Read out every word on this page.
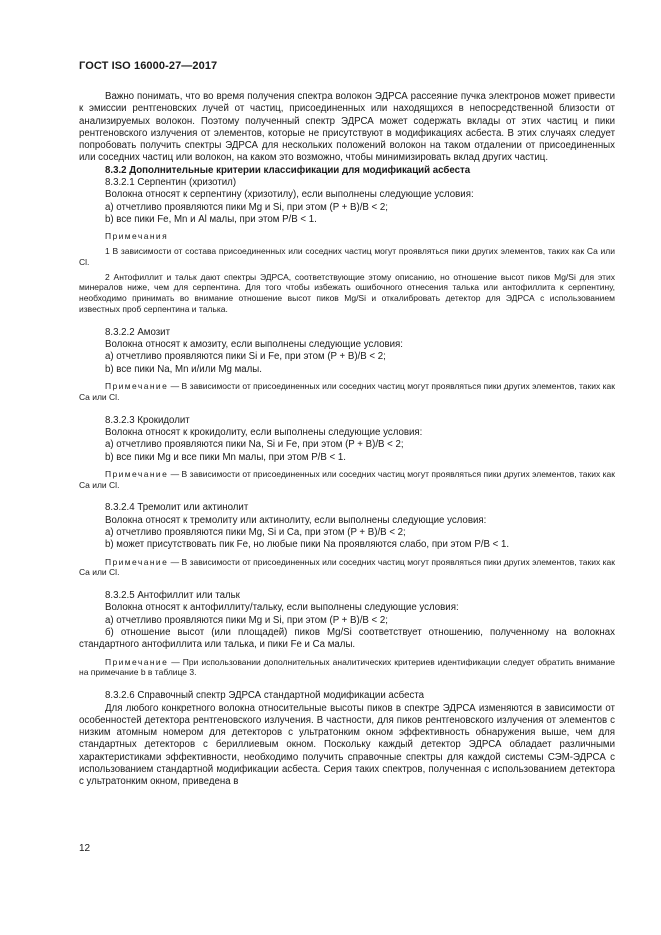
ГОСТ ISO 16000-27—2017

Важно понимать, что во время получения спектра волокон ЭДРСА рассеяние пучка электронов может привести к эмиссии рентгеновских лучей от частиц, присоединенных или находящихся в непосредственной близости от анализируемых волокон. Поэтому полученный спектр ЭДРСА может содержать вклады от этих частиц и пики рентгеновского излучения от элементов, которые не присутствуют в модификациях асбеста. В этих случаях следует попробовать получить спектры ЭДРСА для нескольких положений волокон на таком отдалении от присоединенных или соседних частиц или волокон, на каком это возможно, чтобы минимизировать вклад других частиц.

8.3.2 Дополнительные критерии классификации для модификаций асбеста

8.3.2.1 Серпентин (хризотил)

Волокна относят к серпентину (хризотилу), если выполнены следующие условия:

а) отчетливо проявляются пики Mg и Si, при этом (P + B)/B < 2;

b) все пики Fe, Mn и Al малы, при этом P/B < 1.

Примечания

1 В зависимости от состава присоединенных или соседних частиц могут проявляться пики других элементов, таких как Ca или Cl.

2 Антофиллит и тальк дают спектры ЭДРСА, соответствующие этому описанию, но отношение высот пиков Mg/Si для этих минералов ниже, чем для серпентина. Для того чтобы избежать ошибочного отнесения талька или антофиллита к серпентину, необходимо принимать во внимание отношение высот пиков Mg/Si и откалибровать детектор для ЭДРСА с использованием известных проб серпентина и талька.

8.3.2.2 Амозит

Волокна относят к амозиту, если выполнены следующие условия:

а) отчетливо проявляются пики Si и Fe, при этом (P + B)/B < 2;

b) все пики Na, Mn и/или Mg малы.

Примечание — В зависимости от присоединенных или соседних частиц могут проявляться пики других элементов, таких как Ca или Cl.

8.3.2.3 Крокидолит

Волокна относят к крокидолиту, если выполнены следующие условия:

а) отчетливо проявляются пики Na, Si и Fe, при этом (P + B)/B < 2;

b) все пики Mg и все пики Mn малы, при этом P/B < 1.

Примечание — В зависимости от присоединенных или соседних частиц могут проявляться пики других элементов, таких как Ca или Cl.

8.3.2.4 Тремолит или актинолит

Волокна относят к тремолиту или актинолиту, если выполнены следующие условия:

а) отчетливо проявляются пики Mg, Si и Ca, при этом (P + B)/B < 2;

b) может присутствовать пик Fe, но любые пики Na проявляются слабо, при этом P/B < 1.

Примечание — В зависимости от присоединенных или соседних частиц могут проявляться пики других элементов, таких как Ca или Cl.

8.3.2.5 Антофиллит или тальк

Волокна относят к антофиллиту/тальку, если выполнены следующие условия:

а) отчетливо проявляются пики Mg и Si, при этом (P + B)/B < 2;

б) отношение высот (или площадей) пиков Mg/Si соответствует отношению, полученному на волокнах стандартного антофиллита или талька, и пики Fe и Ca малы.

Примечание — При использовании дополнительных аналитических критериев идентификации следует обратить внимание на примечание b в таблице 3.

8.3.2.6 Справочный спектр ЭДРСА стандартной модификации асбеста

Для любого конкретного волокна относительные высоты пиков в спектре ЭДРСА изменяются в зависимости от особенностей детектора рентгеновского излучения. В частности, для пиков рентгеновского излучения от элементов с низким атомным номером для детекторов с ультратонким окном эффективность обнаружения выше, чем для стандартных детекторов с бериллиевым окном. Поскольку каждый детектор ЭДРСА обладает различными характеристиками эффективности, необходимо получить справочные спектры для каждой системы СЭМ-ЭДРСА с использованием стандартной модификации асбеста. Серия таких спектров, полученная с использованием детектора с ультратонким окном, приведена в

12
